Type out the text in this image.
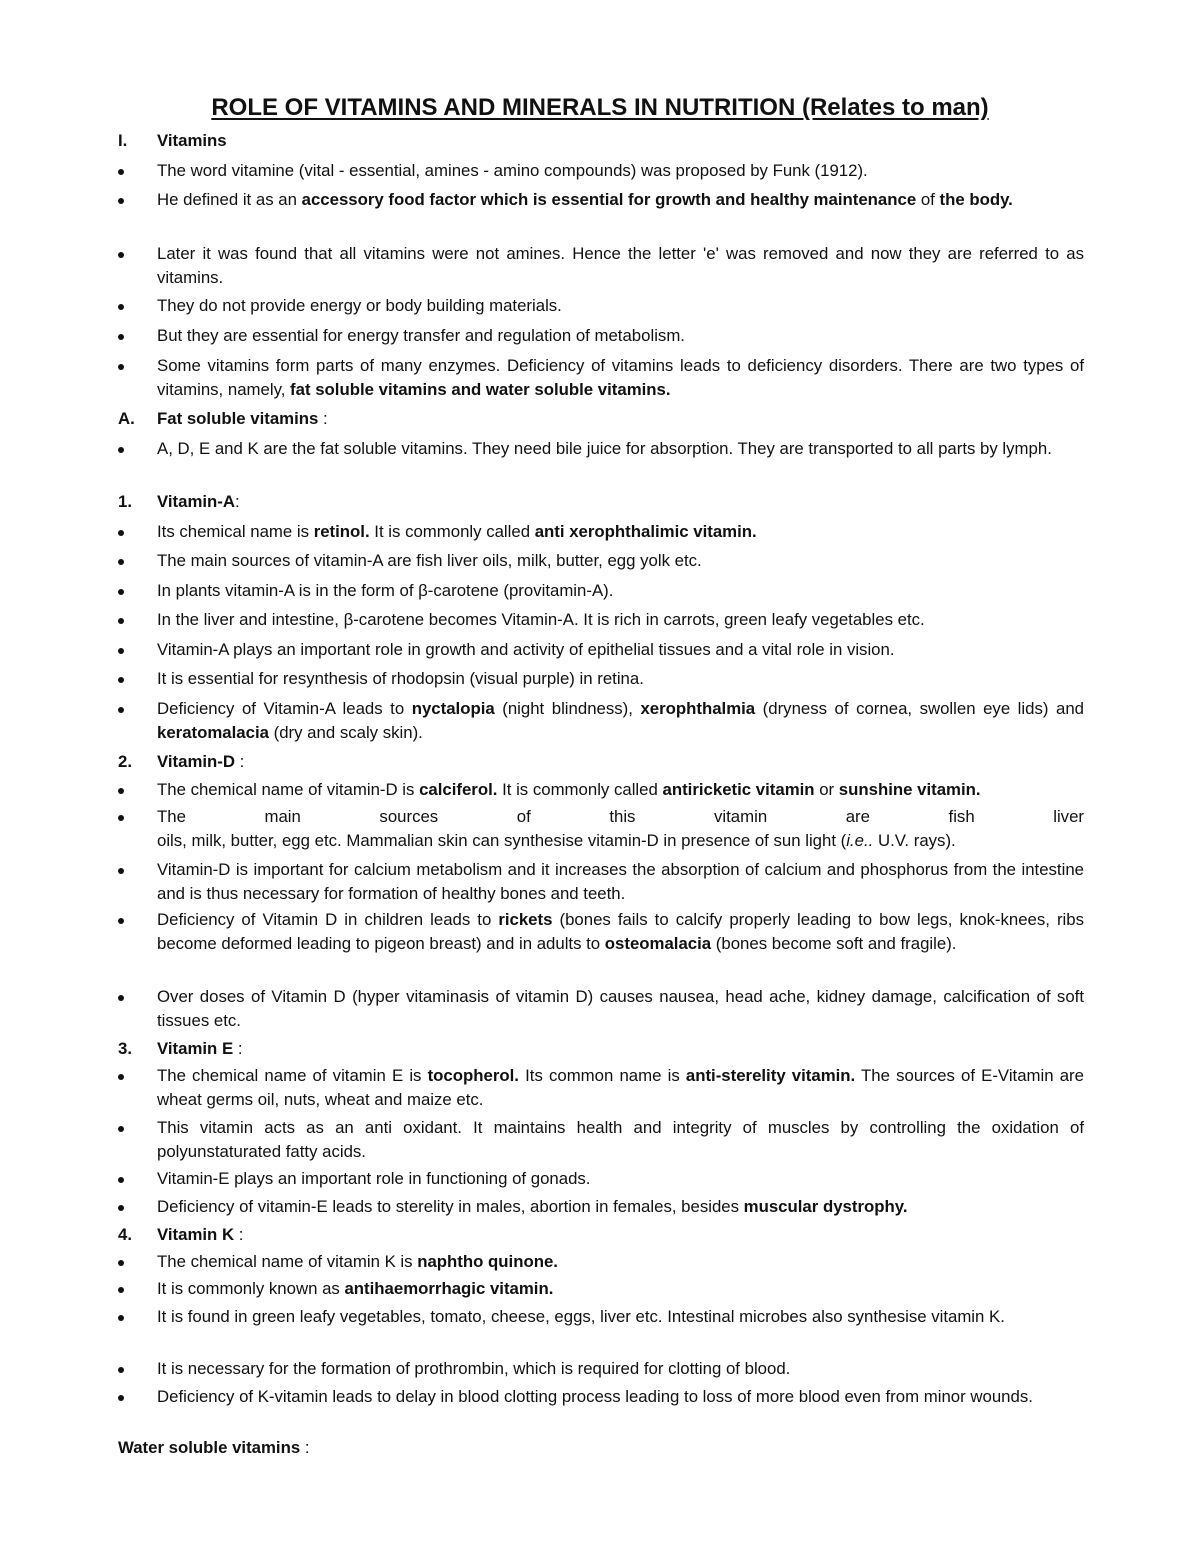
ROLE OF VITAMINS AND MINERALS IN NUTRITION (Relates to man)
I.	Vitamins
The word vitamine (vital - essential, amines - amino compounds) was proposed by Funk (1912).
He defined it as an accessory food factor which is essential for growth and healthy maintenance of the body.
Later it was found that all vitamins were not amines. Hence the letter 'e' was removed and now they are referred to as vitamins.
They do not provide energy or body building materials.
But they are essential for energy transfer and regulation of metabolism.
Some vitamins form parts of many enzymes. Deficiency of vitamins leads to deficiency disorders. There are two types of vitamins, namely, fat soluble vitamins and water soluble vitamins.
A.	Fat soluble vitamins :
A, D, E and K are the fat soluble vitamins. They need bile juice for absorption. They are transported to all parts by lymph.
1.	Vitamin-A:
Its chemical name is retinol. It is commonly called anti xerophthalimic vitamin.
The main sources of vitamin-A are fish liver oils, milk, butter, egg yolk etc.
In plants vitamin-A is in the form of β-carotene (provitamin-A).
In the liver and intestine, β-carotene becomes Vitamin-A. It is rich in carrots, green leafy vegetables etc.
Vitamin-A plays an important role in growth and activity of epithelial tissues and a vital role in vision.
It is essential for resynthesis of rhodopsin (visual purple) in retina.
Deficiency of Vitamin-A leads to nyctalopia (night blindness), xerophthalmia (dryness of cornea, swollen eye lids) and keratomalacia (dry and scaly skin).
2.	Vitamin-D :
The chemical name of vitamin-D is calciferol. It is commonly called antiricketic vitamin or sunshine vitamin.
The main sources of this vitamin are fish liver
oils, milk, butter, egg etc. Mammalian skin can synthesise vitamin-D in presence of sun light (i.e.. U.V. rays).
Vitamin-D is important for calcium metabolism and it increases the absorption of calcium and phosphorus from the intestine and is thus necessary for formation of healthy bones and teeth.
Deficiency of Vitamin D in children leads to rickets (bones fails to calcify properly leading to bow legs, knok-knees, ribs become deformed leading to pigeon breast) and in adults to osteomalacia (bones become soft and fragile).
Over doses of Vitamin D (hyper vitaminasis of vitamin D) causes nausea, head ache, kidney damage, calcification of soft tissues etc.
3.	Vitamin E :
The chemical name of vitamin E is tocopherol. Its common name is anti-sterelity vitamin. The sources of E-Vitamin are wheat germs oil, nuts, wheat and maize etc.
This vitamin acts as an anti oxidant. It maintains health and integrity of muscles by controlling the oxidation of polyunstaturated fatty acids.
Vitamin-E plays an important role in functioning of gonads.
Deficiency of vitamin-E leads to sterelity in males, abortion in females, besides muscular dystrophy.
4.	Vitamin K :
The chemical name of vitamin K is naphtho quinone.
It is commonly known as antihaemorrhagic vitamin.
It is found in green leafy vegetables, tomato, cheese, eggs, liver etc. Intestinal microbes also synthesise vitamin K.
It is necessary for the formation of prothrombin, which is required for clotting of blood.
Deficiency of K-vitamin leads to delay in blood clotting process leading to loss of more blood even from minor wounds.
Water soluble vitamins :
